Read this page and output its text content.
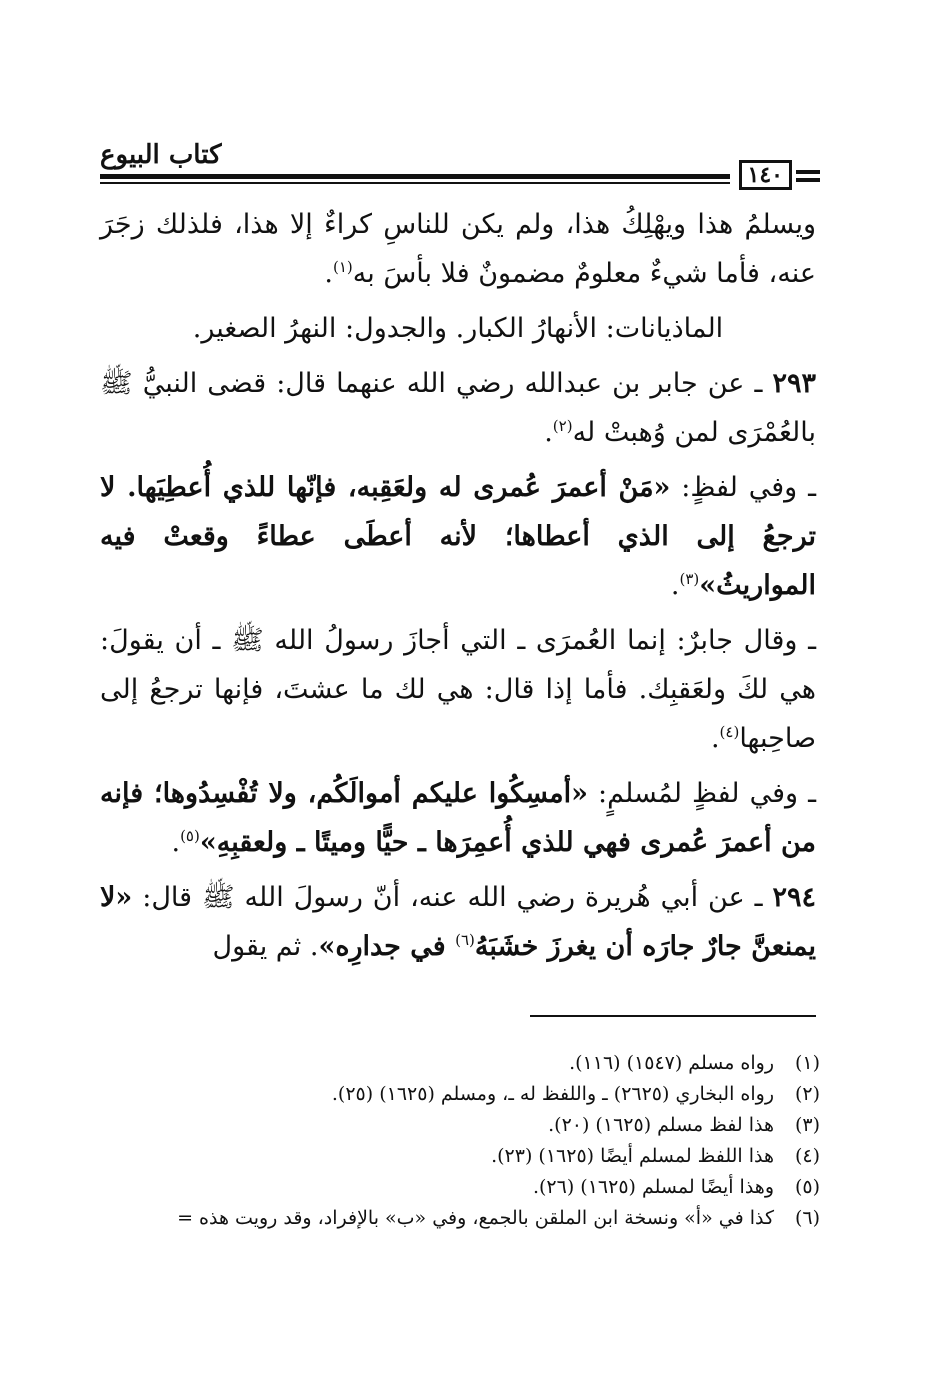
كتاب البيوع
١٤٠

ويسلمُ هذا ويهْلِكُ هذا، ولم يكن للناسِ كراءٌ إلا هذا، فلذلك زجَرَ عنه، فأما شيءٌ معلومٌ مضمونٌ فلا بأسَ به$^{(١)}$.

الماذيانات: الأنهارُ الكبار. والجدول: النهرُ الصغير.

٢٩٣ ـ عن جابر بن عبدالله رضي الله عنهما قال: قضى النبيُّ ﷺ بالعُمْرَى لمن وُهبتْ له$^{(٢)}$.

ـ وفي لفظٍ: «مَنْ أعمرَ عُمرى له ولعَقِبه، فإنّها للذي أُعطِيَها. لا ترجعُ إلى الذي أعطاها؛ لأنه أعطَى عطاءً وقعتْ فيه المواريثُ»$^{(٣)}$.

ـ وقال جابرٌ: إنما العُمرَى ـ التي أجازَ رسولُ الله ﷺ ـ أن يقولَ: هي لكَ ولعَقبِك. فأما إذا قال: هي لك ما عشتَ، فإنها ترجعُ إلى صاحِبها$^{(٤)}$.

ـ وفي لفظٍ لمُسلمٍ: «أمسِكُوا عليكم أموالَكُم، ولا تُفْسِدُوها؛ فإنه من أعمرَ عُمرى فهي للذي أُعمِرَها ـ حيًّا وميتًا ـ ولعقبِهِ»$^{(٥)}$.

٢٩٤ ـ عن أبي هُريرة رضي الله عنه، أنّ رسولَ الله ﷺ قال: «لا يمنعنَّ جارٌ جارَه أن يغرزَ خشَبَهُ$^{(٦)}$ في جدارِه». ثم يقول

(١)
رواه مسلم (١٥٤٧) (١١٦).
(٢)
رواه البخاري (٢٦٢٥) ـ واللفظ له ـ، ومسلم (١٦٢٥) (٢٥).
(٣)
هذا لفظ مسلم (١٦٢٥) (٢٠).
(٤)
هذا اللفظ لمسلم أيضًا (١٦٢٥) (٢٣).
(٥)
وهذا أيضًا لمسلم (١٦٢٥) (٢٦).
(٦)
كذا في «أ» ونسخة ابن الملقن بالجمع، وفي «ب» بالإفراد، وقد رويت هذه =
